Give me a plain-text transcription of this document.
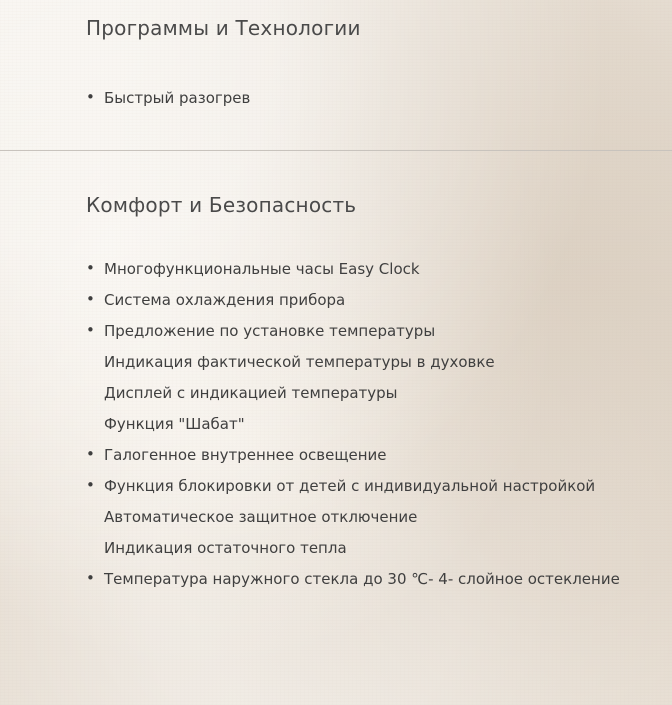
Программы и Технологии
• Быстрый разогрев
Комфорт и Безопасность
• Многофункциональные часы Easy Clock
• Система охлаждения прибора
• Предложение по установке температуры
Индикация фактической температуры в духовке
Дисплей с индикацией температуры
Функция "Шабат"
• Галогенное внутреннее освещение
• Функция блокировки от детей с индивидуальной настройкой
Автоматическое защитное отключение
Индикация остаточного тепла
• Температура наружного стекла до 30 ℃- 4- слойное остекление
